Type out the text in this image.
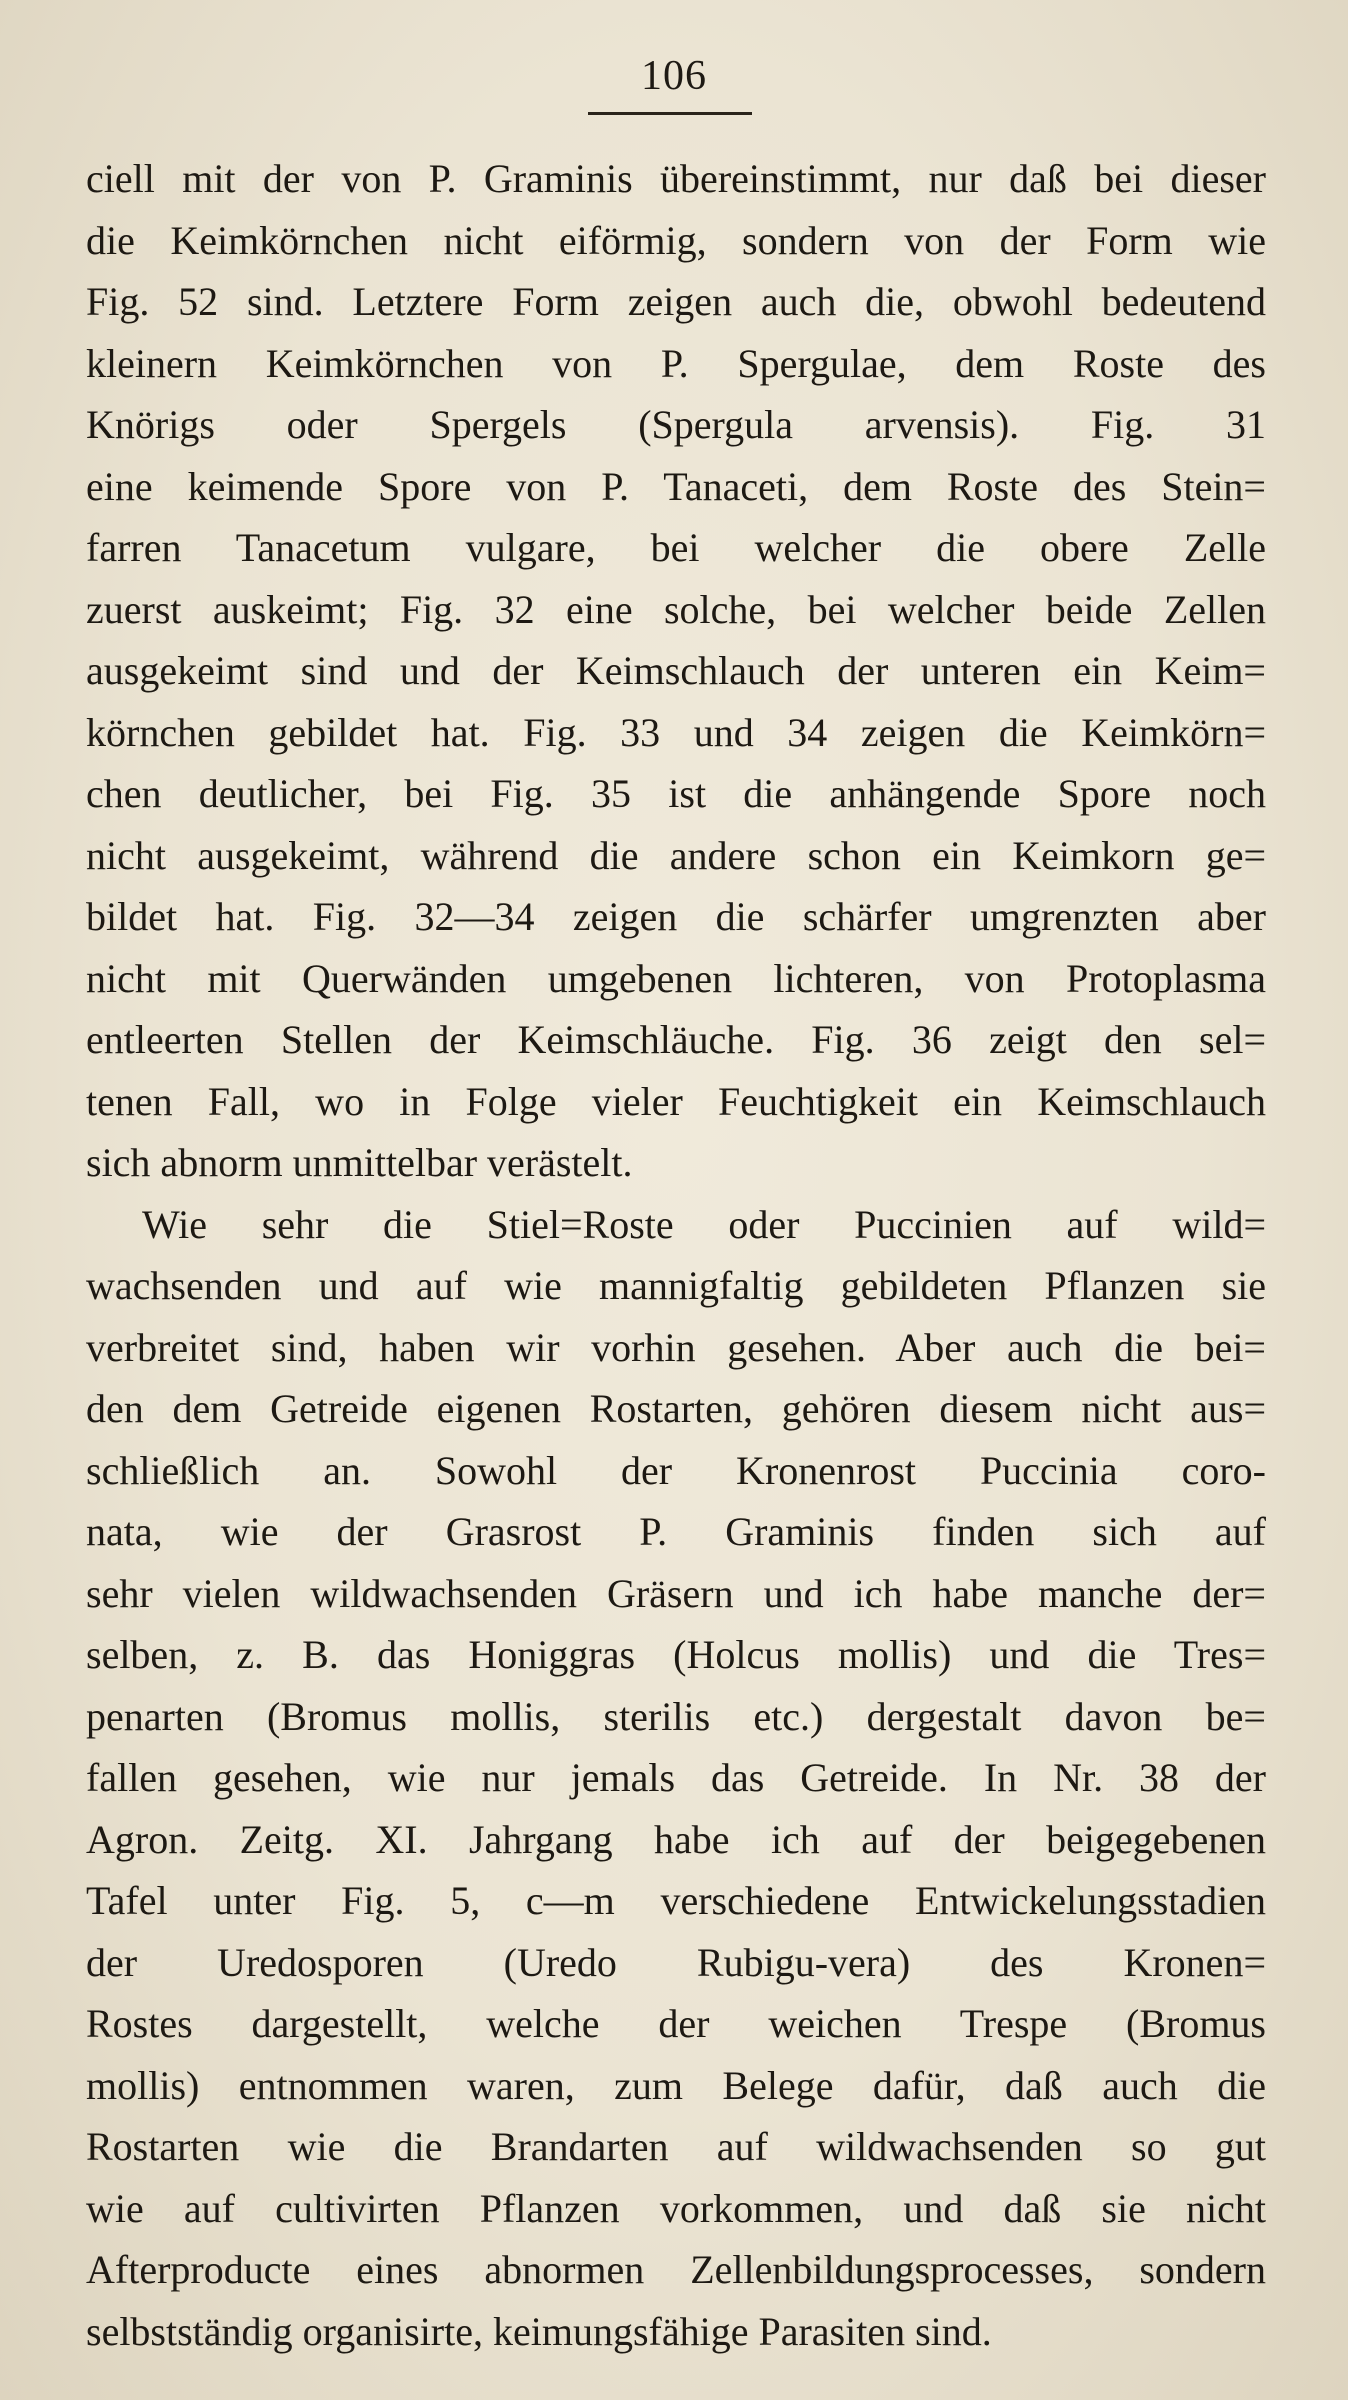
106
ciell mit der von P. Graminis übereinstimmt, nur daß bei dieser
die Keimkörnchen nicht eiförmig, sondern von der Form wie
Fig. 52 sind. Letztere Form zeigen auch die, obwohl bedeutend
kleinern Keimkörnchen von P. Spergulae, dem Roste des
Knörigs oder Spergels (Spergula arvensis). Fig. 31
eine keimende Spore von P. Tanaceti, dem Roste des Stein=
farren Tanacetum vulgare, bei welcher die obere Zelle
zuerst auskeimt; Fig. 32 eine solche, bei welcher beide Zellen
ausgekeimt sind und der Keimschlauch der unteren ein Keim=
körnchen gebildet hat. Fig. 33 und 34 zeigen die Keimkörn=
chen deutlicher, bei Fig. 35 ist die anhängende Spore noch
nicht ausgekeimt, während die andere schon ein Keimkorn ge=
bildet hat. Fig. 32—34 zeigen die schärfer umgrenzten aber
nicht mit Querwänden umgebenen lichteren, von Protoplasma
entleerten Stellen der Keimschläuche. Fig. 36 zeigt den sel=
tenen Fall, wo in Folge vieler Feuchtigkeit ein Keimschlauch
sich abnorm unmittelbar verästelt.
Wie sehr die Stiel=Roste oder Puccinien auf wild=
wachsenden und auf wie mannigfaltig gebildeten Pflanzen sie
verbreitet sind, haben wir vorhin gesehen. Aber auch die bei=
den dem Getreide eigenen Rostarten, gehören diesem nicht aus=
schließlich an. Sowohl der Kronenrost Puccinia coro-
nata, wie der Grasrost P. Graminis finden sich auf
sehr vielen wildwachsenden Gräsern und ich habe manche der=
selben, z. B. das Honiggras (Holcus mollis) und die Tres=
penarten (Bromus mollis, sterilis etc.) dergestalt davon be=
fallen gesehen, wie nur jemals das Getreide. In Nr. 38 der
Agron. Zeitg. XI. Jahrgang habe ich auf der beigegebenen
Tafel unter Fig. 5, c—m verschiedene Entwickelungsstadien
der Uredosporen (Uredo Rubigu-vera) des Kronen=
Rostes dargestellt, welche der weichen Trespe (Bromus
mollis) entnommen waren, zum Belege dafür, daß auch die
Rostarten wie die Brandarten auf wildwachsenden so gut
wie auf cultivirten Pflanzen vorkommen, und daß sie nicht
Afterproducte eines abnormen Zellenbildungsprocesses, sondern
selbstständig organisirte, keimungsfähige Parasiten sind.
